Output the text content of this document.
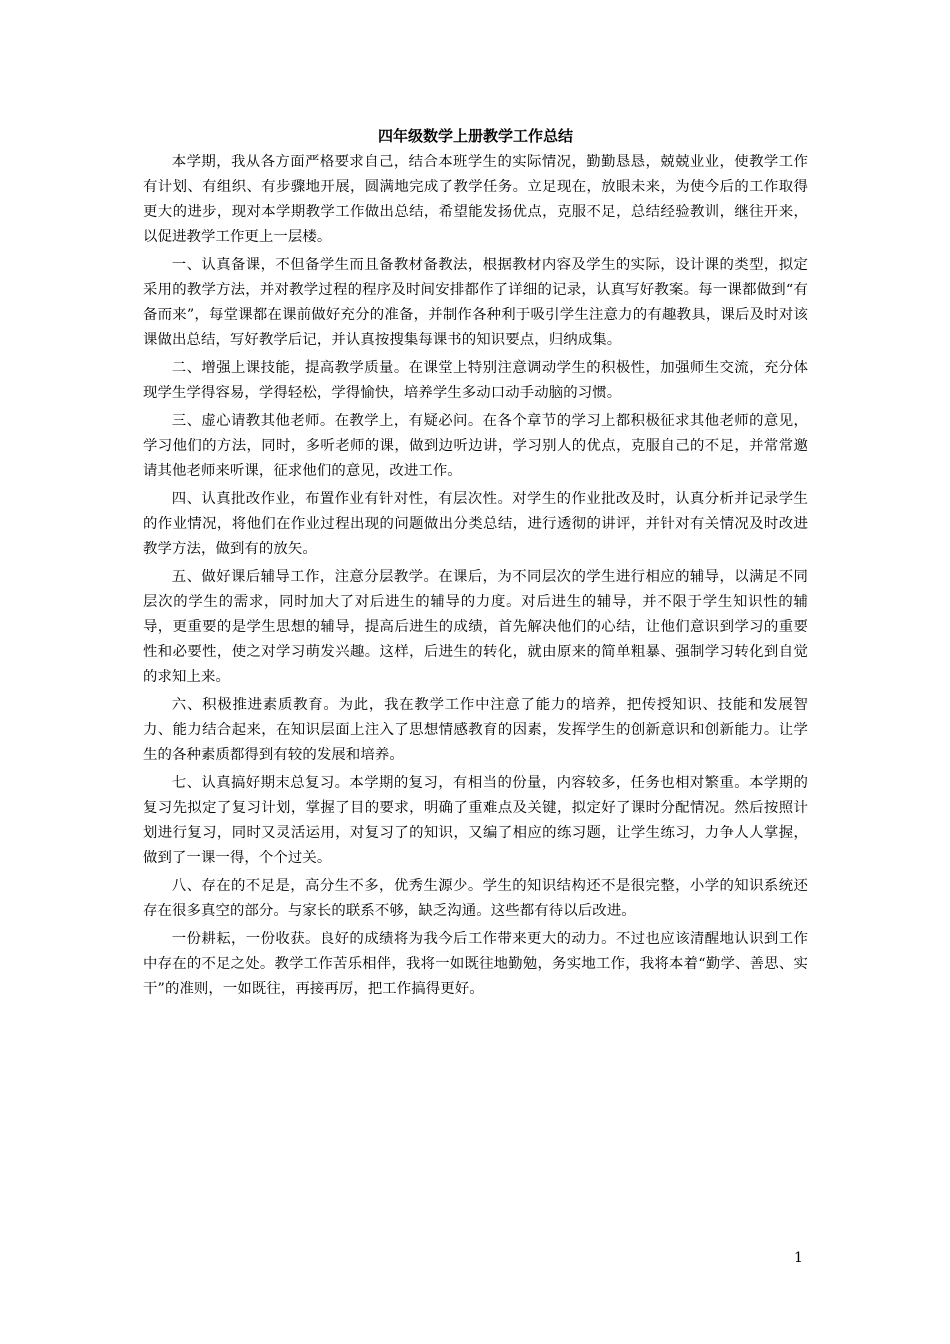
四年级数学上册教学工作总结

本学期，我从各方面严格要求自己，结合本班学生的实际情况，勤勤恳恳，兢兢业业，使教学工作有计划、有组织、有步骤地开展，圆满地完成了教学任务。立足现在，放眼未来，为使今后的工作取得更大的进步，现对本学期教学工作做出总结，希望能发扬优点，克服不足，总结经验教训，继往开来，以促进教学工作更上一层楼。

一、认真备课，不但备学生而且备教材备教法，根据教材内容及学生的实际，设计课的类型，拟定采用的教学方法，并对教学过程的程序及时间安排都作了详细的记录，认真写好教案。每一课都做到“有备而来”，每堂课都在课前做好充分的准备，并制作各种利于吸引学生注意力的有趣教具，课后及时对该课做出总结，写好教学后记，并认真按搜集每课书的知识要点，归纳成集。

二、增强上课技能，提高教学质量。在课堂上特别注意调动学生的积极性，加强师生交流，充分体现学生学得容易，学得轻松，学得愉快，培养学生多动口动手动脑的习惯。

三、虚心请教其他老师。在教学上，有疑必问。在各个章节的学习上都积极征求其他老师的意见，学习他们的方法，同时，多听老师的课，做到边听边讲，学习别人的优点，克服自己的不足，并常常邀请其他老师来听课，征求他们的意见，改进工作。

四、认真批改作业，布置作业有针对性，有层次性。对学生的作业批改及时，认真分析并记录学生的作业情况，将他们在作业过程出现的问题做出分类总结，进行透彻的讲评，并针对有关情况及时改进教学方法，做到有的放矢。

五、做好课后辅导工作，注意分层教学。在课后，为不同层次的学生进行相应的辅导，以满足不同层次的学生的需求，同时加大了对后进生的辅导的力度。对后进生的辅导，并不限于学生知识性的辅导，更重要的是学生思想的辅导，提高后进生的成绩，首先解决他们的心结，让他们意识到学习的重要性和必要性，使之对学习萌发兴趣。这样，后进生的转化，就由原来的简单粗暴、强制学习转化到自觉的求知上来。

六、积极推进素质教育。为此，我在教学工作中注意了能力的培养，把传授知识、技能和发展智力、能力结合起来，在知识层面上注入了思想情感教育的因素，发挥学生的创新意识和创新能力。让学生的各种素质都得到有较的发展和培养。

七、认真搞好期末总复习。本学期的复习，有相当的份量，内容较多，任务也相对繁重。本学期的复习先拟定了复习计划，掌握了目的要求，明确了重难点及关键，拟定好了课时分配情况。然后按照计划进行复习，同时又灵活运用，对复习了的知识，又编了相应的练习题，让学生练习，力争人人掌握，做到了一课一得，个个过关。

八、存在的不足是，高分生不多，优秀生源少。学生的知识结构还不是很完整，小学的知识系统还存在很多真空的部分。与家长的联系不够，缺乏沟通。这些都有待以后改进。

一份耕耘，一份收获。良好的成绩将为我今后工作带来更大的动力。不过也应该清醒地认识到工作中存在的不足之处。教学工作苦乐相伴，我将一如既往地勤勉，务实地工作，我将本着“勤学、善思、实干”的准则，一如既往，再接再厉，把工作搞得更好。

1
